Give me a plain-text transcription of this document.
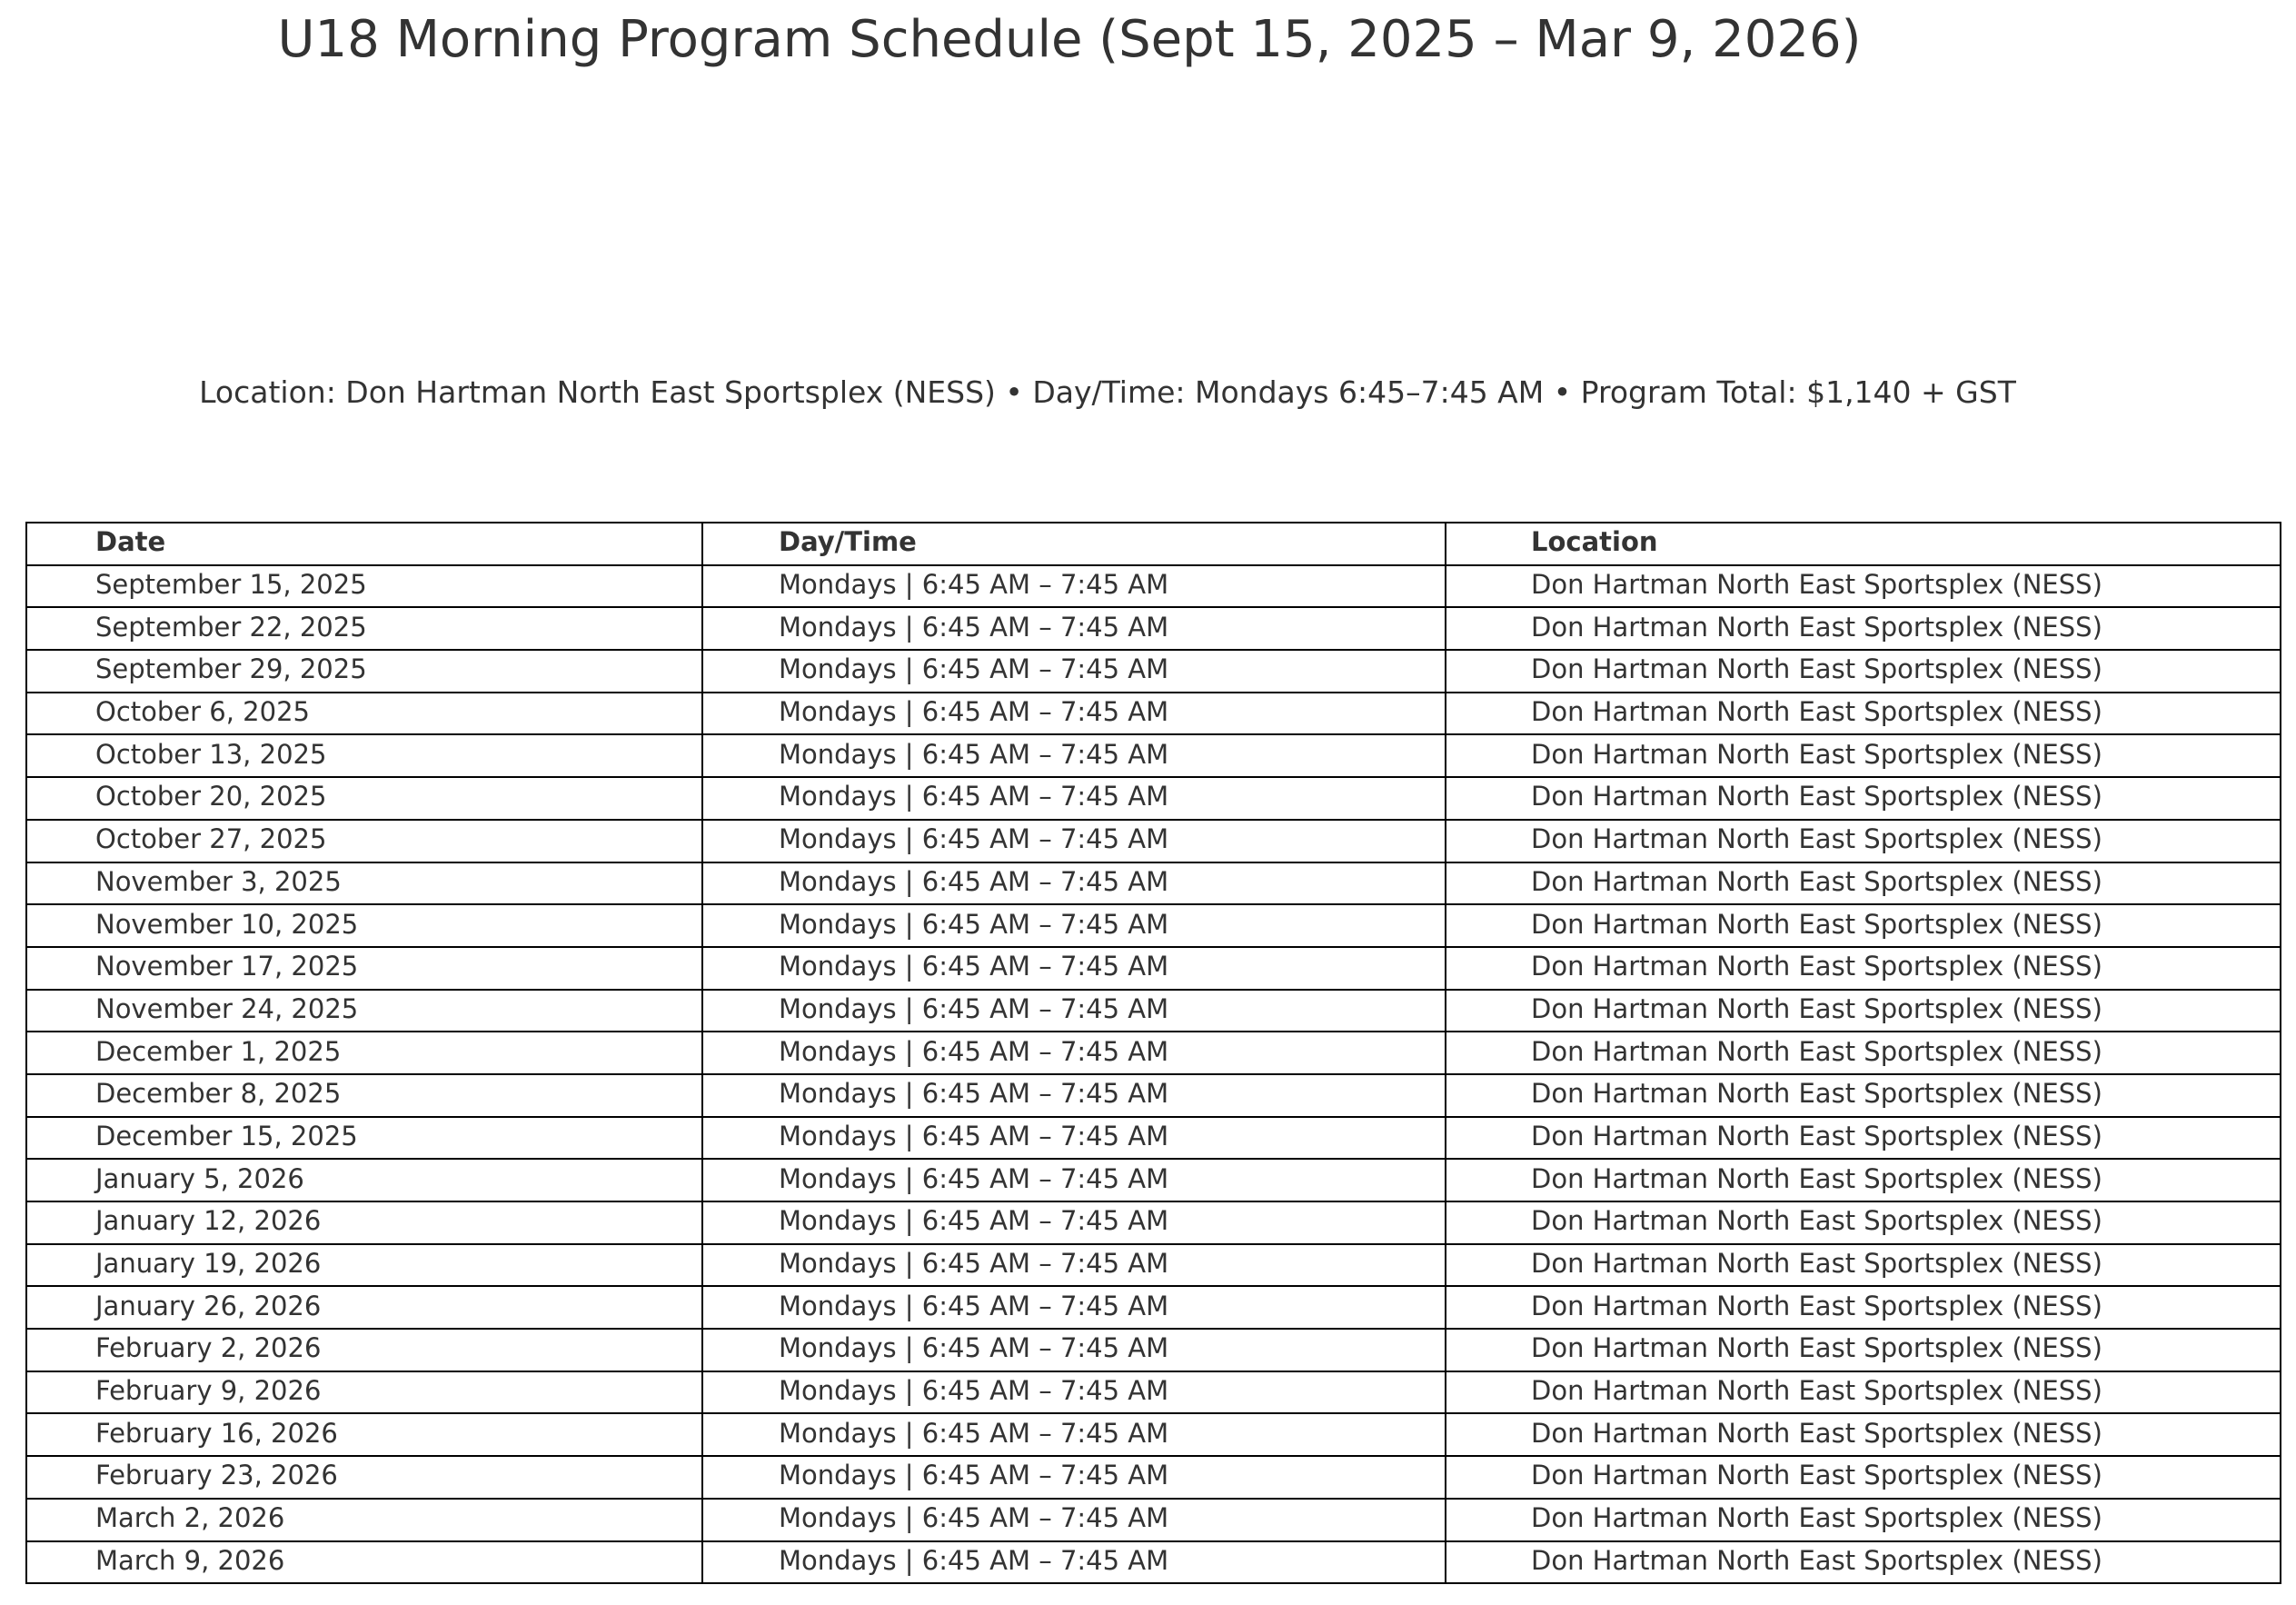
U18 Morning Program Schedule (Sept 15, 2025 – Mar 9, 2026)
Location: Don Hartman North East Sportsplex (NESS) • Day/Time: Mondays 6:45–7:45 AM • Program Total: $1,140 + GST
Date	Day/Time	Location
September 15, 2025	Mondays | 6:45 AM – 7:45 AM	Don Hartman North East Sportsplex (NESS)
September 22, 2025	Mondays | 6:45 AM – 7:45 AM	Don Hartman North East Sportsplex (NESS)
September 29, 2025	Mondays | 6:45 AM – 7:45 AM	Don Hartman North East Sportsplex (NESS)
October 6, 2025	Mondays | 6:45 AM – 7:45 AM	Don Hartman North East Sportsplex (NESS)
October 13, 2025	Mondays | 6:45 AM – 7:45 AM	Don Hartman North East Sportsplex (NESS)
October 20, 2025	Mondays | 6:45 AM – 7:45 AM	Don Hartman North East Sportsplex (NESS)
October 27, 2025	Mondays | 6:45 AM – 7:45 AM	Don Hartman North East Sportsplex (NESS)
November 3, 2025	Mondays | 6:45 AM – 7:45 AM	Don Hartman North East Sportsplex (NESS)
November 10, 2025	Mondays | 6:45 AM – 7:45 AM	Don Hartman North East Sportsplex (NESS)
November 17, 2025	Mondays | 6:45 AM – 7:45 AM	Don Hartman North East Sportsplex (NESS)
November 24, 2025	Mondays | 6:45 AM – 7:45 AM	Don Hartman North East Sportsplex (NESS)
December 1, 2025	Mondays | 6:45 AM – 7:45 AM	Don Hartman North East Sportsplex (NESS)
December 8, 2025	Mondays | 6:45 AM – 7:45 AM	Don Hartman North East Sportsplex (NESS)
December 15, 2025	Mondays | 6:45 AM – 7:45 AM	Don Hartman North East Sportsplex (NESS)
January 5, 2026	Mondays | 6:45 AM – 7:45 AM	Don Hartman North East Sportsplex (NESS)
January 12, 2026	Mondays | 6:45 AM – 7:45 AM	Don Hartman North East Sportsplex (NESS)
January 19, 2026	Mondays | 6:45 AM – 7:45 AM	Don Hartman North East Sportsplex (NESS)
January 26, 2026	Mondays | 6:45 AM – 7:45 AM	Don Hartman North East Sportsplex (NESS)
February 2, 2026	Mondays | 6:45 AM – 7:45 AM	Don Hartman North East Sportsplex (NESS)
February 9, 2026	Mondays | 6:45 AM – 7:45 AM	Don Hartman North East Sportsplex (NESS)
February 16, 2026	Mondays | 6:45 AM – 7:45 AM	Don Hartman North East Sportsplex (NESS)
February 23, 2026	Mondays | 6:45 AM – 7:45 AM	Don Hartman North East Sportsplex (NESS)
March 2, 2026	Mondays | 6:45 AM – 7:45 AM	Don Hartman North East Sportsplex (NESS)
March 9, 2026	Mondays | 6:45 AM – 7:45 AM	Don Hartman North East Sportsplex (NESS)
